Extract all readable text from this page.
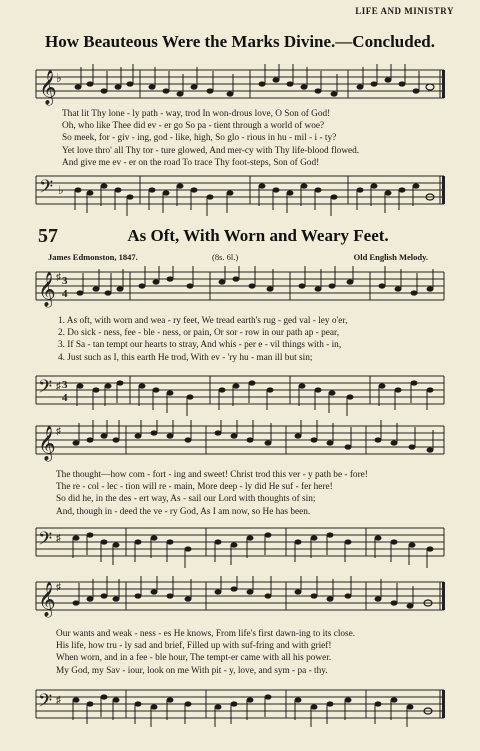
LIFE AND MINISTRY
How Beauteous Were the Marks Divine.—Concluded.
𝄞 ♭
That lit Thy lone - ly path - way, trod In won-drous love, O Son of God!
Oh, who like Thee did ev - er go So pa - tient through a world of woe?
So meek, for - giv - ing, god - like, high, So glo - rious in hu - mil - i - ty?
Yet love thro' all Thy tor - ture glowed, And mer-cy with Thy life-blood flowed.
And give me ev - er on the road To trace Thy foot-steps, Son of God!
𝄢 ♭
57	As Oft, With Worn and Weary Feet.
James Edmonston, 1847.	(8s. 6l.)	Old English Melody.
𝄞 ♯ 3
4
1. As oft, with worn and wea - ry feet, We tread earth's rug - ged val - ley o'er,
2. Do sick - ness, fee - ble - ness, or pain, Or sor - row in our path ap - pear,
3. If Sa - tan tempt our hearts to stray, And whis - per e - vil things with - in,
4. Just such as I, this earth He trod, With ev - 'ry hu - man ill but sin;
𝄢 ♯ 3
4
𝄞 ♯
The thought—how com - fort - ing and sweet! Christ trod this ver - y path be - fore!
The re - col - lec - tion will re - main, More deep - ly did He suf - fer here!
So did he, in the des - ert way, As - sail our Lord with thoughts of sin;
And, though in - deed the ve - ry God, As I am now, so He has been.
𝄢 ♯
𝄞 ♯
Our wants and weak - ness - es He knows, From life's first dawn-ing to its close.
His life, how tru - ly sad and brief, Filled up with suf-fring and with grief!
When worn, and in a fee - ble hour, The tempt-er came with all his power.
My God, my Sav - iour, look on me With pit - y, love, and sym - pa - thy.
𝄢 ♯
